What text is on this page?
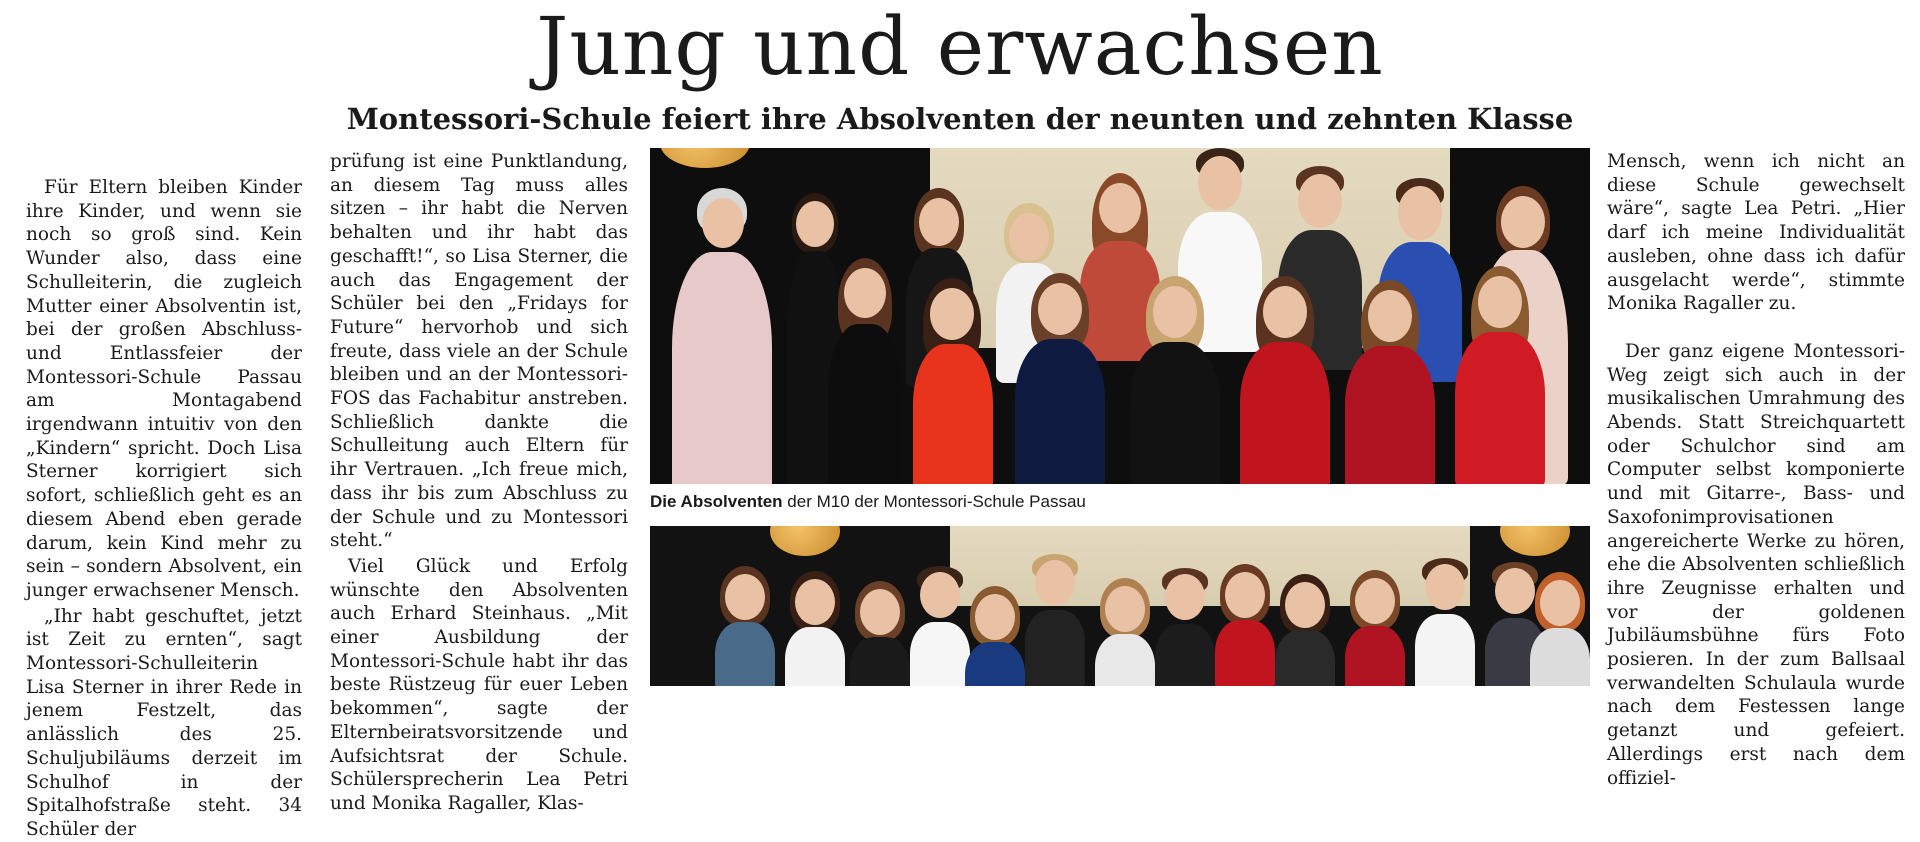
Jung und erwachsen
Montessori-Schule feiert ihre Absolventen der neunten und zehnten Klasse

Für Eltern bleiben Kinder ihre Kinder, und wenn sie noch so groß sind. Kein Wunder also, dass eine Schulleiterin, die zugleich Mutter einer Absolventin ist, bei der großen Abschluss- und Entlassfeier der Montessori-Schule Passau am Montagabend irgendwann intuitiv von den „Kindern“ spricht. Doch Lisa Sterner korrigiert sich sofort, schließlich geht es an diesem Abend eben gerade darum, kein Kind mehr zu sein – sondern Absolvent, ein junger erwachsener Mensch.

„Ihr habt geschuftet, jetzt ist Zeit zu ernten“, sagt Montessori-Schulleiterin Lisa Sterner in ihrer Rede in jenem Festzelt, das anlässlich des 25. Schuljubiläums derzeit im Schulhof in der Spitalhofstraße steht. 34 Schüler der

prüfung ist eine Punktlandung, an diesem Tag muss alles sitzen – ihr habt die Nerven behalten und ihr habt das geschafft!“, so Lisa Sterner, die auch das Engagement der Schüler bei den „Fridays for Future“ hervorhob und sich freute, dass viele an der Schule bleiben und an der Montessori-FOS das Fachabitur anstreben. Schließlich dankte die Schulleitung auch Eltern für ihr Vertrauen. „Ich freue mich, dass ihr bis zum Abschluss zu der Schule und zu Montessori steht.“

Viel Glück und Erfolg wünschte den Absolventen auch Erhard Steinhaus. „Mit einer Ausbildung der Montessori-Schule habt ihr das beste Rüstzeug für euer Leben bekommen“, sagte der Elternbeiratsvorsitzende und Aufsichtsrat der Schule. Schülersprecherin Lea Petri und Monika Ragaller, Klas-

Mensch, wenn ich nicht an diese Schule gewechselt wäre“, sagte Lea Petri. „Hier darf ich meine Individualität ausleben, ohne dass ich dafür ausgelacht werde“, stimmte Monika Ragaller zu.

Der ganz eigene Montessori-Weg zeigt sich auch in der musikalischen Umrahmung des Abends. Statt Streichquartett oder Schulchor sind am Computer selbst komponierte und mit Gitarre-, Bass- und Saxofonimprovisationen angereicherte Werke zu hören, ehe die Absolventen schließlich ihre Zeugnisse erhalten und vor der goldenen Jubiläumsbühne fürs Foto posieren. In der zum Ballsaal verwandelten Schulaula wurde nach dem Festessen lange getanzt und gefeiert. Allerdings erst nach dem offiziel-

Die Absolventen der M10 der Montessori-Schule Passau
